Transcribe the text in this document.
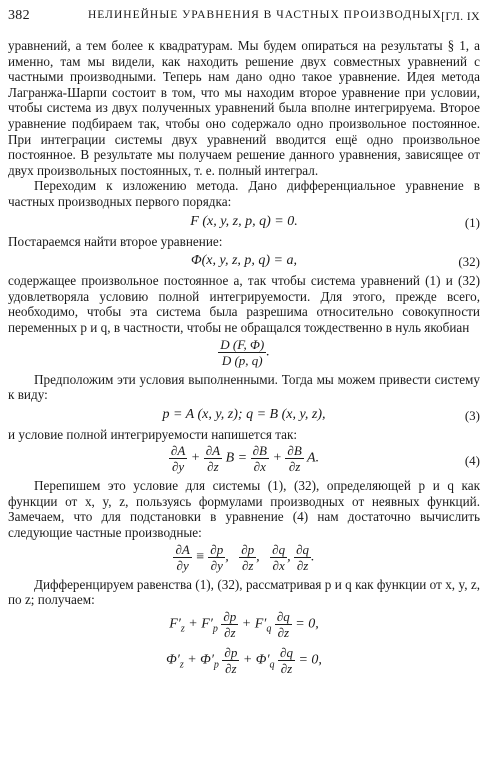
382	НЕЛИНЕЙНЫЕ УРАВНЕНИЯ В ЧАСТНЫХ ПРОИЗВОДНЫХ [ГЛ. IX

уравнений, а тем более к квадратурам. Мы будем опираться на результаты § 1, а именно, там мы видели, как находить решение двух совместных уравнений с частными производными. Теперь нам дано одно такое уравнение. Идея метода Лагранжа-Шарпи состоит в том, что мы находим второе уравнение при условии, чтобы система из двух полученных уравнений была вполне интегрируема. Второе уравнение подбираем так, чтобы оно содержало одно произвольное постоянное. При интеграции системы двух уравнений вводится ещё одно произвольное постоянное. В результате мы получаем решение данного уравнения, зависящее от двух произвольных постоянных, т. е. полный интеграл.

Переходим к изложению метода. Дано дифференциальное уравнение в частных производных первого порядка:

F (x, y, z, p, q) = 0.	(1)

Постараемся найти второе уравнение:

Φ(x, y, z, p, q) = a,	(32)

содержащее произвольное постоянное a, так чтобы система уравнений (1) и (32) удовлетворяла условию полной интегрируемости. Для этого, прежде всего, необходимо, чтобы эта система была разрешима относительно совокупности переменных p и q, в частности, чтобы не обращался тождественно в нуль якобиан

$\frac{D (F, \Phi)}{D (p, q)}$ .

Предположим эти условия выполненными. Тогда мы можем привести систему к виду:

p = A (x, y, z); q = B (x, y, z),	(3)

и условие полной интегрируемости напишется так:

$\frac{\partial A}{\partial y} + \frac{\partial A}{\partial z}$ $B = \frac{\partial B}{\partial x} + \frac{\partial B}{\partial z} A$.	(4)

Перепишем это условие для системы (1), (32), определяющей p и q как функции от x, y, z, пользуясь формулами производных от неявных функций. Замечаем, что для подстановки в уравнение (4) нам достаточно вычислить следующие частные производные:

$\frac{\partial A}{\partial y} \equiv \frac{\partial p}{\partial y}$ , $\frac{\partial p}{\partial z}$ , $\frac{\partial q}{\partial x}$ , $\frac{\partial q}{\partial z}$ .

Дифференцируем равенства (1), (32), рассматривая p и q как функции от x, y, z, по z; получаем:

$F'_z + F'_p \frac{\partial p}{\partial z} + F'_q \frac{\partial q}{\partial z} = 0$,
$\Phi'_z + \Phi'_p \frac{\partial p}{\partial z} + \Phi'_q \frac{\partial q}{\partial z} = 0$,
